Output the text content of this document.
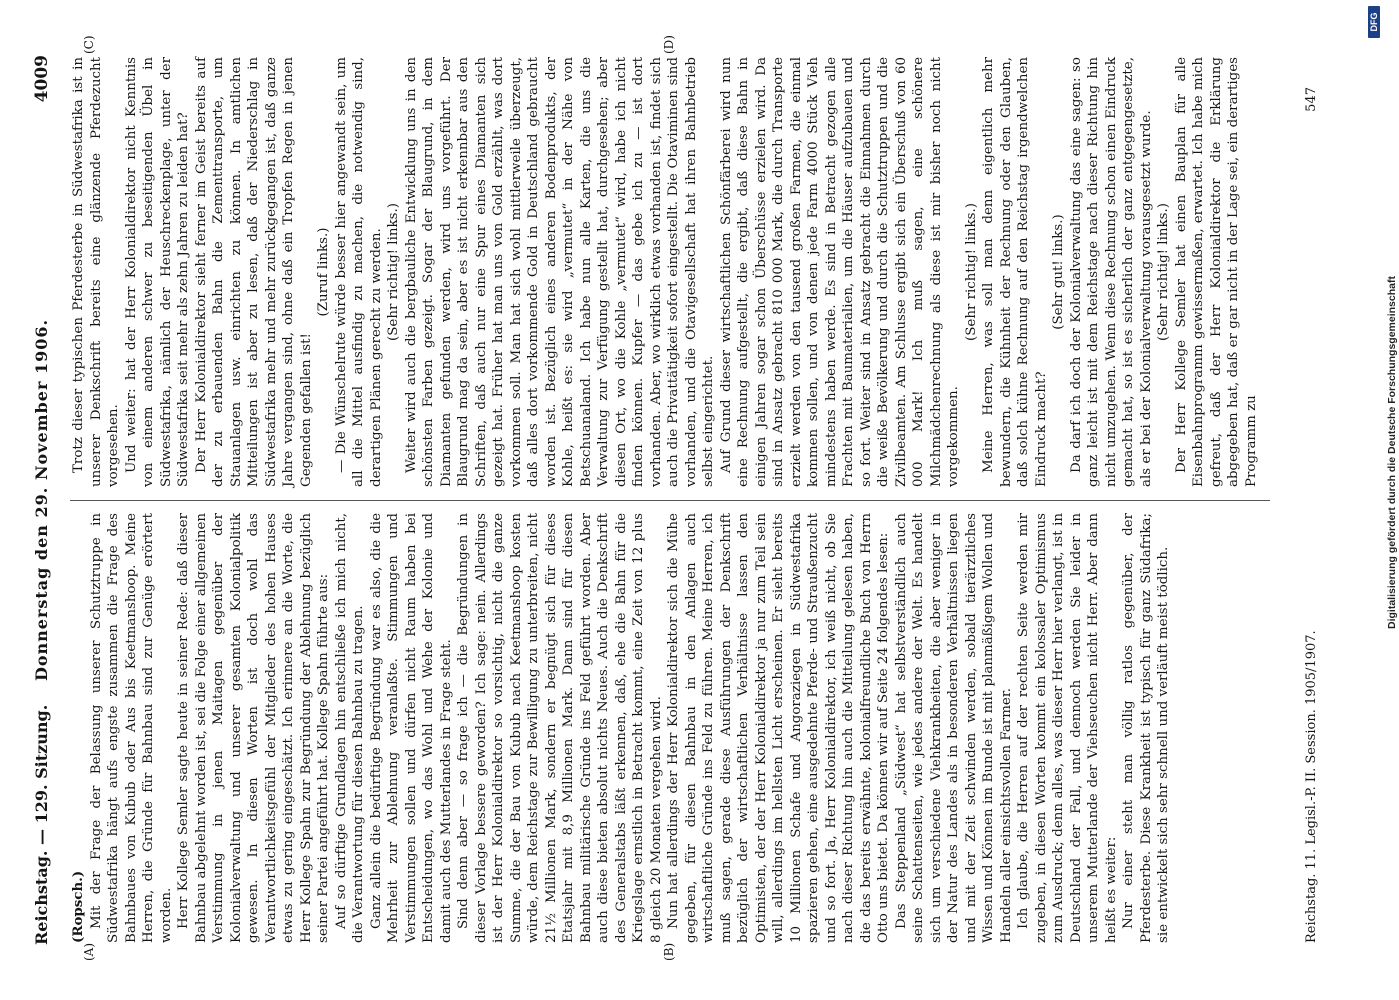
DFG
Digitalisierung gefördert durch die Deutsche Forschungsgemeinschaft
Reichstag. — 129. Sitzung.
Donnerstag den 29. November 1906.
4009
(A)	(B)
(C)	(D)

(Ropsch.) Mit der Frage der Belassung unserer Schutztruppe in Südwestafrika hängt aufs engste zusammen die Frage des Bahnbaues von Kubub oder Aus bis Keetmanshoop. Meine Herren, die Gründe für Bahnbau sind zur Genüge erörtert worden. Herr Kollege Semler sagte heute in seiner Rede: daß dieser Bahnbau abgelehnt worden ist, sei die Folge einer allgemeinen Verstimmung in jenen Maitagen gegenüber der Kolonialverwaltung und unserer gesamten Kolonialpolitik gewesen. In diesen Worten ist doch wohl das Verantwortlichkeitsgefühl der Mitglieder des hohen Hauses etwas zu gering eingeschätzt. Ich erinnere an die Worte, die Herr Kollege Spahn zur Begründung der Ablehnung bezüglich seiner Partei angeführt hat. Kollege Spahn führte aus: Auf so dürftige Grundlagen hin entschließe ich mich nicht, die Verantwortung für diesen Bahnbau zu tragen. Ganz allein die bedürftige Begründung war es also, die die Mehrheit zur Ablehnung veranlaßte. Stimmungen und Verstimmungen sollen und dürfen nicht Raum haben bei Entscheidungen, wo das Wohl und Wehe der Kolonie und damit auch des Mutterlandes in Frage steht. Sind denn aber — so frage ich — die Begründungen in dieser Vorlage bessere geworden? Ich sage: nein. Allerdings ist der Herr Kolonialdirektor so vorsichtig, nicht die ganze Summe, die der Bau von Kubub nach Keetmanshoop kosten würde, dem Reichstage zur Bewilligung zu unterbreiten, nicht 21½ Millionen Mark, sondern er begnügt sich für dieses Etatsjahr mit 8,9 Millionen Mark. Dann sind für diesen Bahnbau militärische Gründe ins Feld geführt worden. Aber auch diese bieten absolut nichts Neues. Auch die Denkschrift des Generalstabs läßt erkennen, daß, ehe die Bahn für die Kriegslage ernstlich in Betracht kommt, eine Zeit von 12 plus 8 gleich 20 Monaten vergehen wird. Nun hat allerdings der Herr Kolonialdirektor sich die Mühe gegeben, für diesen Bahnbau in den Anlagen auch wirtschaftliche Gründe ins Feld zu führen. Meine Herren, ich muß sagen, gerade diese Ausführungen der Denkschrift bezüglich der wirtschaftlichen Verhältnisse lassen den Optimisten, der der Herr Kolonialdirektor ja nur zum Teil sein will, allerdings im hellsten Licht erscheinen. Er sieht bereits 10 Millionen Schafe und Angoraziegen in Südwestafrika spazieren gehen, eine ausgedehnte Pferde- und Straußenzucht und so fort. Ja, Herr Kolonialdirektor, ich weiß nicht, ob Sie nach dieser Richtung hin auch die Mitteilung gelesen haben, die das bereits erwähnte, kolonialfreundliche Buch von Herrn Otto uns bietet. Da können wir auf Seite 24 folgendes lesen: Das Steppenland „Südwest“ hat selbstverständlich auch seine Schattenseiten, wie jedes andere der Welt. Es handelt sich um verschiedene Viehkrankheiten, die aber weniger in der Natur des Landes als in besonderen Verhältnissen liegen und mit der Zeit schwinden werden, sobald tierärztliches Wissen und Können im Bunde ist mit planmäßigem Wollen und Handeln aller einsichtsvollen Farmer. Ich glaube, die Herren auf der rechten Seite werden mir zugeben, in diesen Worten kommt ein kolossaler Optimismus zum Ausdruck; denn alles, was dieser Herr hier verlangt, ist in Deutschland der Fall, und dennoch werden Sie leider in unserem Mutterlande der Viehseuchen nicht Herr. Aber dann heißt es weiter: Nur einer steht man völlig ratlos gegenüber, der Pferdesterbe. Diese Krankheit ist typisch für ganz Südafrika; sie entwickelt sich sehr schnell und verläuft meist tödlich.

Trotz dieser typischen Pferdesterbe in Südwestafrika ist in unserer Denkschrift bereits eine glänzende Pferdezucht vorgesehen. Und weiter: hat der Herr Kolonialdirektor nicht Kenntnis von einem anderen schwer zu beseitigenden Übel in Südwestafrika, nämlich der Heuschreckenplage, unter der Südwestafrika seit mehr als zehn Jahren zu leiden hat? Der Herr Kolonialdirektor sieht ferner im Geist bereits auf der zu erbauenden Bahn die Zementtransporte, um Stauanlagen usw. einrichten zu können. In amtlichen Mitteilungen ist aber zu lesen, daß der Niederschlag in Südwestafrika mehr und mehr zurückgegangen ist, daß ganze Jahre vergangen sind, ohne daß ein Tropfen Regen in jenen Gegenden gefallen ist!

(Zuruf links.) — Die Wünschelrute würde besser hier angewandt sein, um all die Mittel ausfindig zu machen, die notwendig sind, derartigen Plänen gerecht zu werden. (Sehr richtig! links.) Weiter wird auch die bergbauliche Entwicklung uns in den schönsten Farben gezeigt. Sogar der Blaugrund, in dem Diamanten gefunden werden, wird uns vorgeführt. Der Blaugrund mag da sein, aber es ist nicht erkennbar aus den Schriften, daß auch nur eine Spur eines Diamanten sich gezeigt hat. Früher hat man uns von Gold erzählt, was dort vorkommen soll. Man hat sich wohl mittlerweile überzeugt, daß alles dort vorkommende Gold in Deutschland gebraucht worden ist. Bezüglich eines anderen Bodenprodukts, der Kohle, heißt es: sie wird „vermutet“ in der Nähe von Betschuanaland. Ich habe nun alle Karten, die uns die Verwaltung zur Verfügung gestellt hat, durchgesehen; aber diesen Ort, wo die Kohle „vermutet“ wird, habe ich nicht finden können. Kupfer — das gebe ich zu — ist dort vorhanden. Aber, wo wirklich etwas vorhanden ist, findet sich auch die Privattätigkeit sofort eingestellt. Die Otaviminen sind vorhanden, und die Otavigesellschaft hat ihren Bahnbetrieb selbst eingerichtet. Auf Grund dieser wirtschaftlichen Schönfärberei wird nun eine Rechnung aufgestellt, die ergibt, daß diese Bahn in einigen Jahren sogar schon Überschüsse erzielen wird. Da sind in Ansatz gebracht 810 000 Mark, die durch Transporte erzielt werden von den tausend großen Farmen, die einmal kommen sollen, und von denen jede Farm 4000 Stück Vieh mindestens haben werde. Es sind in Betracht gezogen alle Frachten mit Baumaterialien, um die Häuser aufzubauen und so fort. Weiter sind in Ansatz gebracht die Einnahmen durch die weiße Bevölkerung und durch die Schutztruppen und die Zivilbeamten. Am Schlusse ergibt sich ein Überschuß von 60 000 Mark! Ich muß sagen, eine schönere Milchmädchenrechnung als diese ist mir bisher noch nicht vorgekommen.

(Sehr richtig! links.) Meine Herren, was soll man denn eigentlich mehr bewundern, die Kühnheit der Rechnung oder den Glauben, daß solch kühne Rechnung auf den Reichstag irgendwelchen Eindruck macht?

(Sehr gut! links.) Da darf ich doch der Kolonialverwaltung das eine sagen: so ganz leicht ist mit dem Reichstage nach dieser Richtung hin nicht umzugehen. Wenn diese Rechnung schon einen Eindruck gemacht hat, so ist es sicherlich der ganz entgegengesetzte, als er bei der Kolonialverwaltung vorausgesetzt wurde. (Sehr richtig! links.) Der Herr Kollege Semler hat einen Bauplan für alle Eisenbahnprogramm gewissermaßen, erwartet. Ich habe mich gefreut, daß der Herr Kolonialdirektor die Erklärung abgegeben hat, daß er gar nicht in der Lage sei, ein derartiges Programm zu

Reichstag. 11. Legisl.-P. II. Session. 1905/1907.
547
